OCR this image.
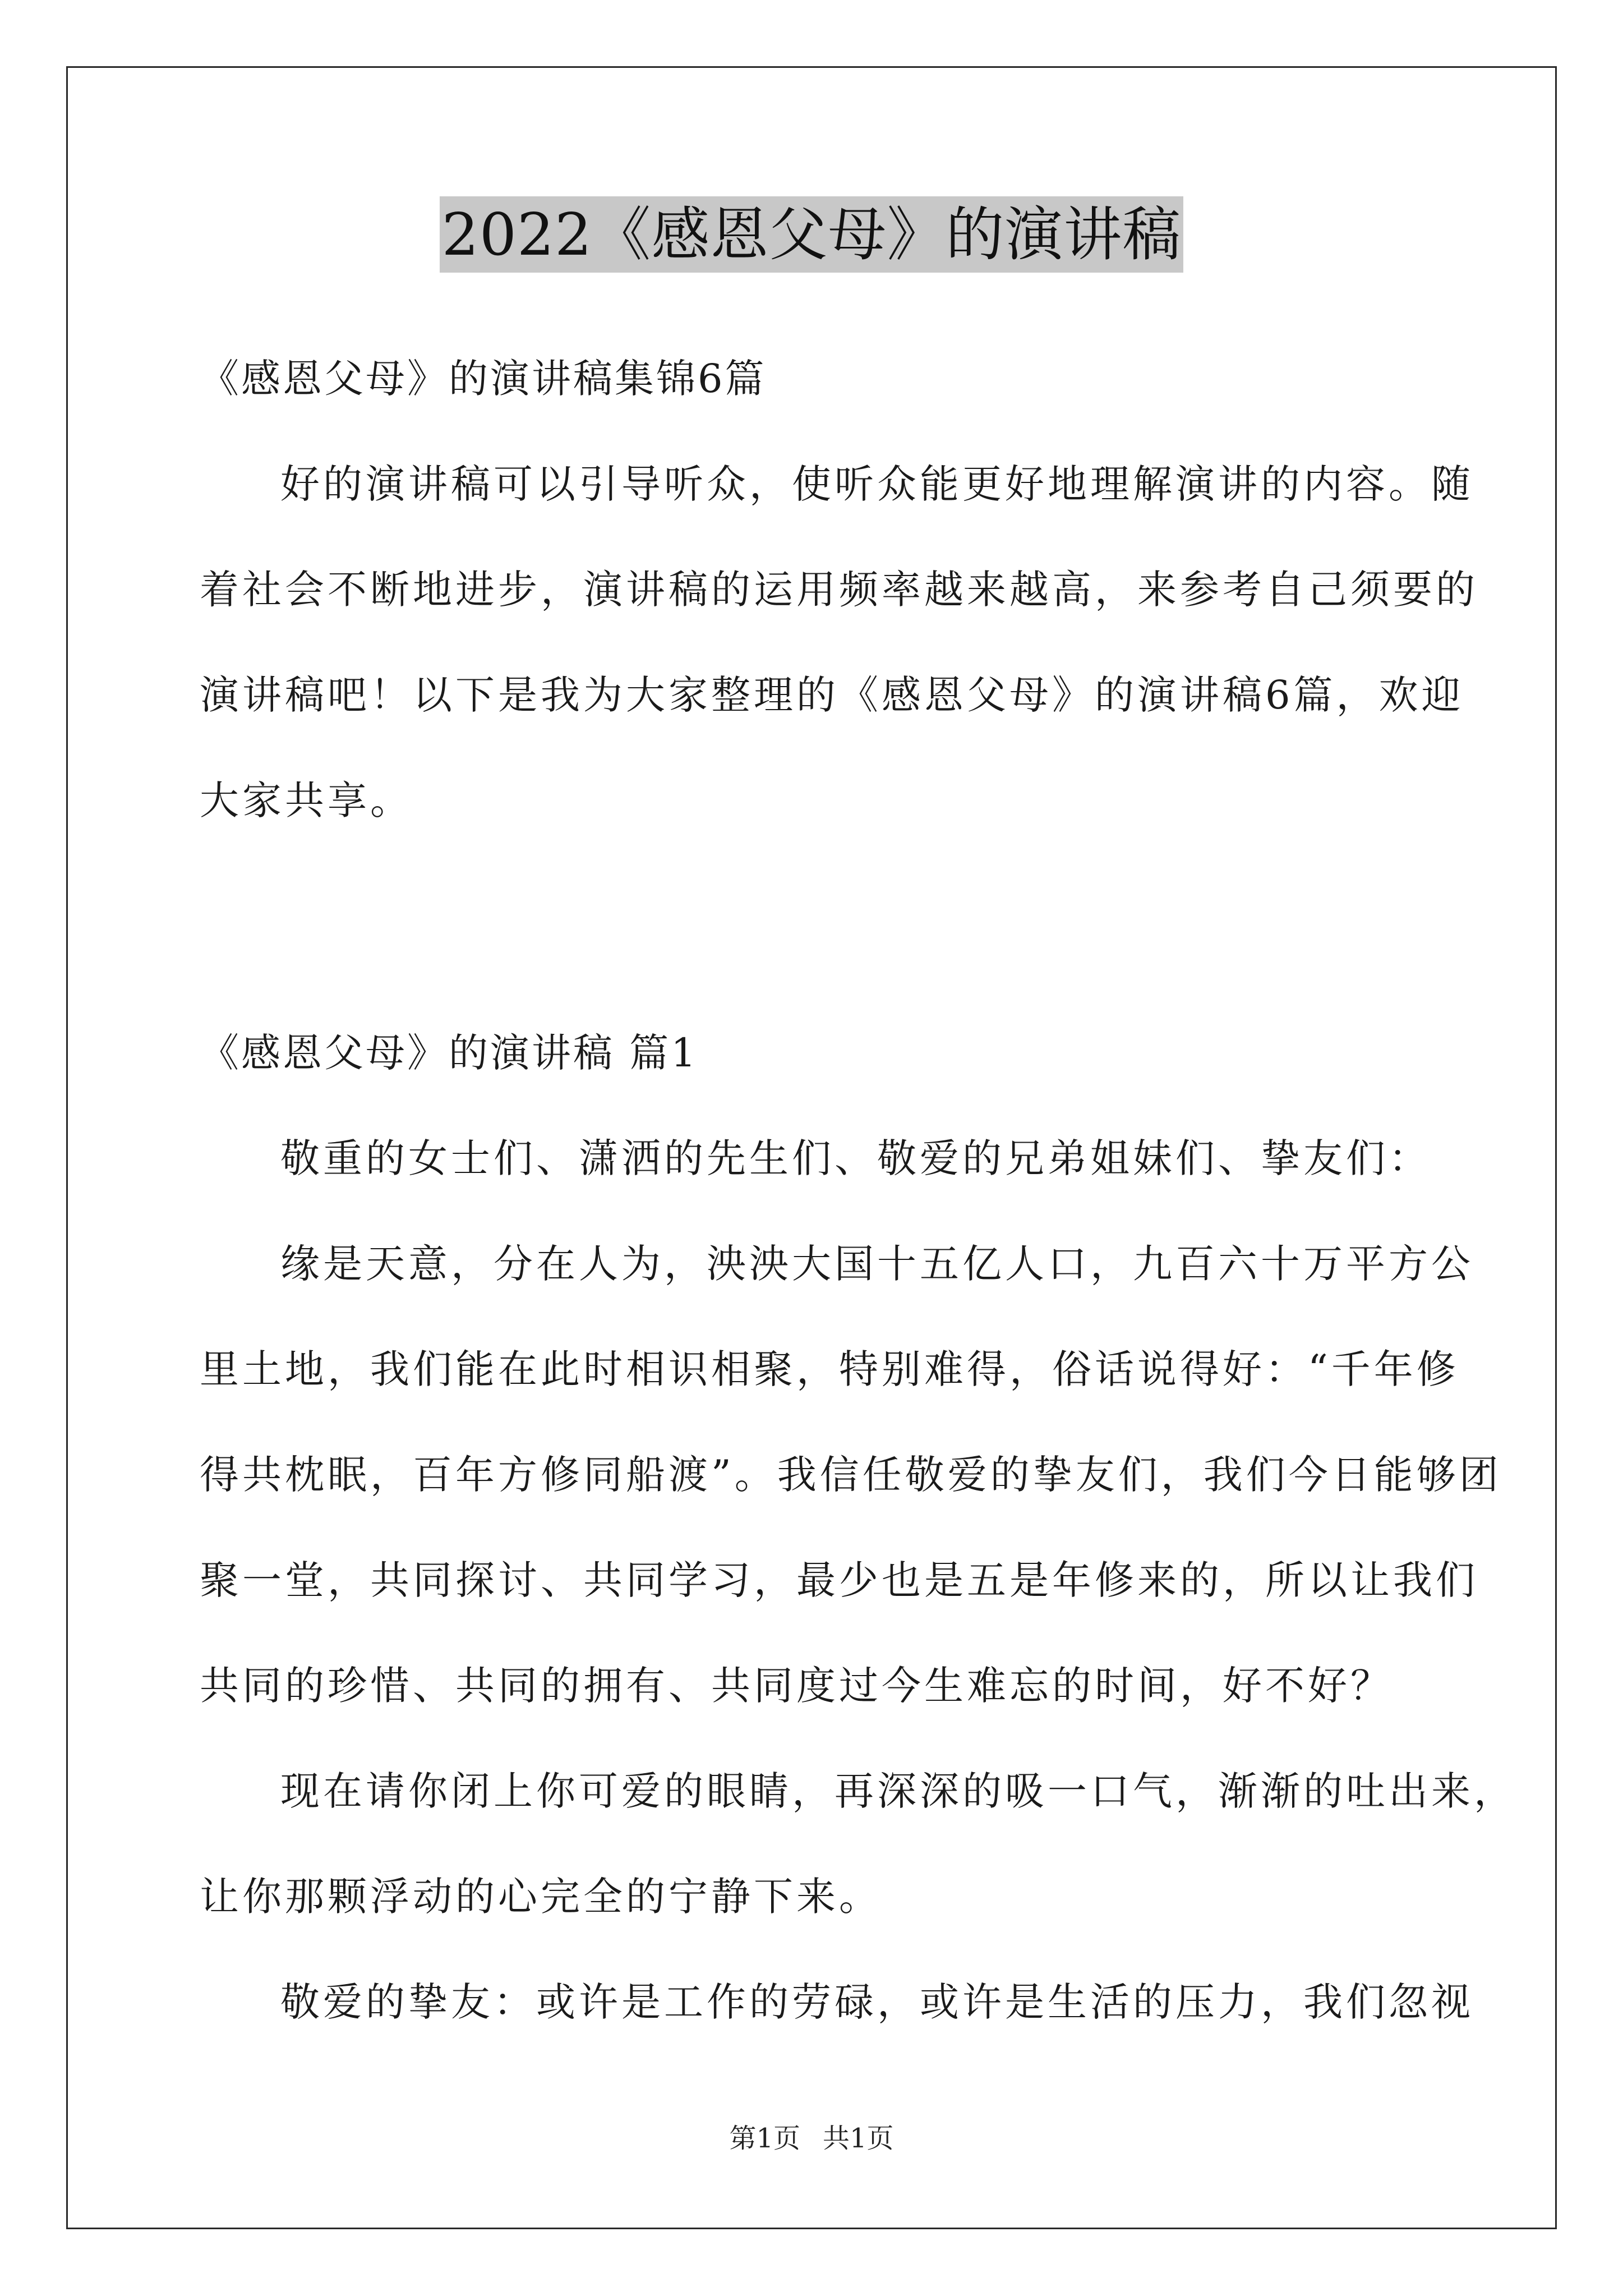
2022《感恩父母》的演讲稿

《感恩父母》的演讲稿集锦6篇

好的演讲稿可以引导听众，使听众能更好地理解演讲的内容。随

着社会不断地进步，演讲稿的运用频率越来越高，来参考自己须要的

演讲稿吧！以下是我为大家整理的《感恩父母》的演讲稿6篇，欢迎

大家共享。

《感恩父母》的演讲稿 篇1

敬重的女士们、潇洒的先生们、敬爱的兄弟姐妹们、挚友们：

缘是天意，分在人为，泱泱大国十五亿人口，九百六十万平方公

里土地，我们能在此时相识相聚，特别难得，俗话说得好：“千年修

得共枕眠，百年方修同船渡”。我信任敬爱的挚友们，我们今日能够团

聚一堂，共同探讨、共同学习，最少也是五是年修来的，所以让我们

共同的珍惜、共同的拥有、共同度过今生难忘的时间，好不好？

现在请你闭上你可爱的眼睛，再深深的吸一口气，渐渐的吐出来，

让你那颗浮动的心完全的宁静下来。

敬爱的挚友：或许是工作的劳碌，或许是生活的压力，我们忽视

第1页 共1页
